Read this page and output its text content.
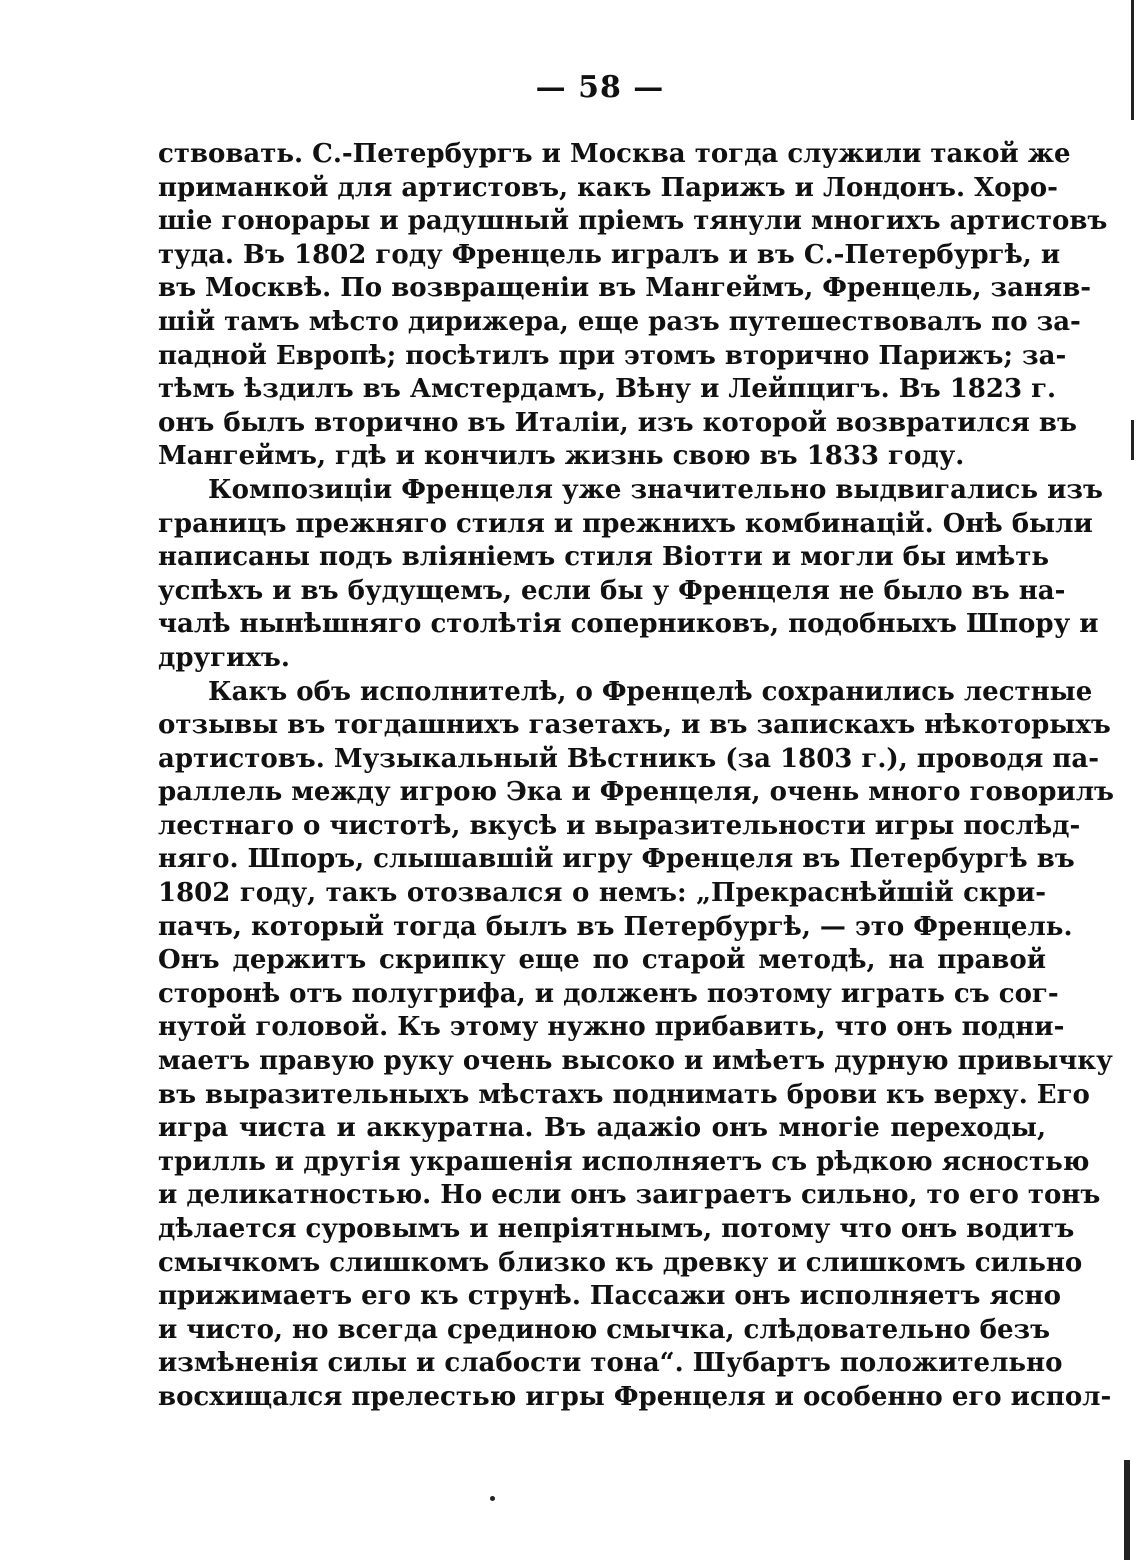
— 58 —
ствовать. С.-Петербургъ и Москва тогда служили такой же
приманкой для артистовъ, какъ Парижъ и Лондонъ. Хоро-
шіе гонорары и радушный пріемъ тянули многихъ артистовъ
туда. Въ 1802 году Френцель игралъ и въ С.-Петербургѣ, и
въ Москвѣ. По возвращеніи въ Мангеймъ, Френцель, заняв-
шій тамъ мѣсто дирижера, еще разъ путешествовалъ по за-
падной Европѣ; посѣтилъ при этомъ вторично Парижъ; за-
тѣмъ ѣздилъ въ Амстердамъ, Вѣну и Лейпцигъ. Въ 1823 г.
онъ былъ вторично въ Италіи, изъ которой возвратился въ
Мангеймъ, гдѣ и кончилъ жизнь свою въ 1833 году.
Композиціи Френцеля уже значительно выдвигались изъ
границъ прежняго стиля и прежнихъ комбинацій. Онѣ были
написаны подъ вліяніемъ стиля Віотти и могли бы имѣть
успѣхъ и въ будущемъ, если бы у Френцеля не было въ на-
чалѣ нынѣшняго столѣтія соперниковъ, подобныхъ Шпору и
другихъ.
Какъ объ исполнителѣ, о Френцелѣ сохранились лестные
отзывы въ тогдашнихъ газетахъ, и въ запискахъ нѣкоторыхъ
артистовъ. Музыкальный Вѣстникъ (за 1803 г.), проводя па-
раллель между игрою Эка и Френцеля, очень много говорилъ
лестнаго о чистотѣ, вкусѣ и выразительности игры послѣд-
няго. Шпоръ, слышавшій игру Френцеля въ Петербургѣ въ
1802 году, такъ отозвался о немъ: „Прекраснѣйшій скри-
пачъ, который тогда былъ въ Петербургѣ, — это Френцель.
Онъ держитъ скрипку еще по старой методѣ, на правой
сторонѣ отъ полугрифа, и долженъ поэтому играть съ сог-
нутой головой. Къ этому нужно прибавить, что онъ подни-
маетъ правую руку очень высоко и имѣетъ дурную привычку
въ выразительныхъ мѣстахъ поднимать брови къ верху. Его
игра чиста и аккуратна. Въ адажіо онъ многіе переходы,
трилль и другія украшенія исполняетъ съ рѣдкою ясностью
и деликатностью. Но если онъ заиграетъ сильно, то его тонъ
дѣлается суровымъ и непріятнымъ, потому что онъ водитъ
смычкомъ слишкомъ близко къ древку и слишкомъ сильно
прижимаетъ его къ струнѣ. Пассажи онъ исполняетъ ясно
и чисто, но всегда срединою смычка, слѣдовательно безъ
измѣненія силы и слабости тона“. Шубартъ положительно
восхищался прелестью игры Френцеля и особенно его испол-
